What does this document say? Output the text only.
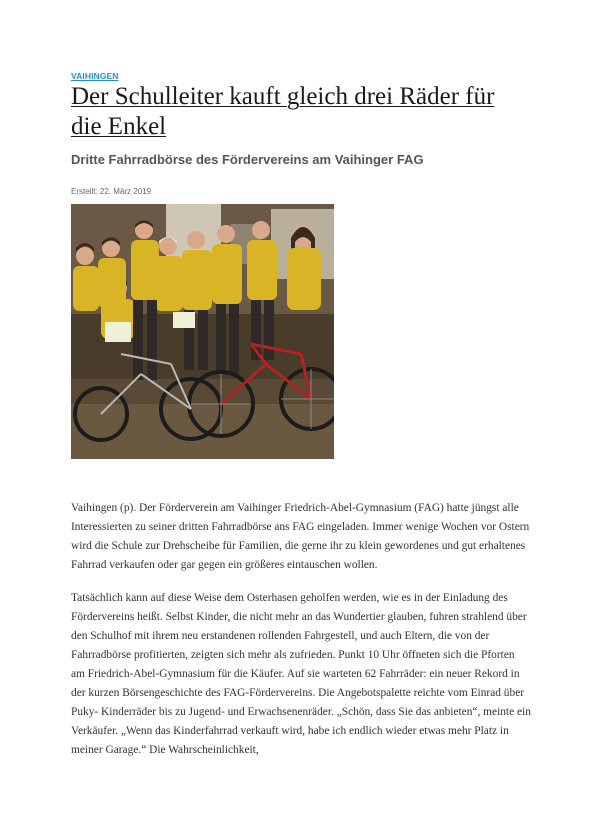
VAIHINGEN
Der Schulleiter kauft gleich drei Räder für die Enkel
Dritte Fahrradbörse des Fördervereins am Vaihinger FAG
Erstellt: 22. März 2019

Vaihingen (p). Der Förderverein am Vaihinger Friedrich-Abel-Gymnasium (FAG) hatte jüngst alle Interessierten zu seiner dritten Fahrradbörse ans FAG eingeladen. Immer wenige Wochen vor Ostern wird die Schule zur Drehscheibe für Familien, die gerne ihr zu klein gewordenes und gut erhaltenes Fahrrad verkaufen oder gar gegen ein größeres eintauschen wollen.

Tatsächlich kann auf diese Weise dem Osterhasen geholfen werden, wie es in der Einladung des Fördervereins heißt. Selbst Kinder, die nicht mehr an das Wundertier glauben, fuhren strahlend über den Schulhof mit ihrem neu erstandenen rollenden Fahrgestell, und auch Eltern, die von der Fahrradbörse profitierten, zeigten sich mehr als zufrieden. Punkt 10 Uhr öffneten sich die Pforten am Friedrich-Abel-Gymnasium für die Käufer. Auf sie warteten 62 Fahrräder: ein neuer Rekord in der kurzen Börsengeschichte des FAG-Fördervereins. Die Angebotspalette reichte vom Einrad über Puky- Kinderräder bis zu Jugend- und Erwachsenenräder. „Schön, dass Sie das anbieten“, meinte ein Verkäufer. „Wenn das Kinderfahrrad verkauft wird, habe ich endlich wieder etwas mehr Platz in meiner Garage.“ Die Wahrscheinlichkeit,
